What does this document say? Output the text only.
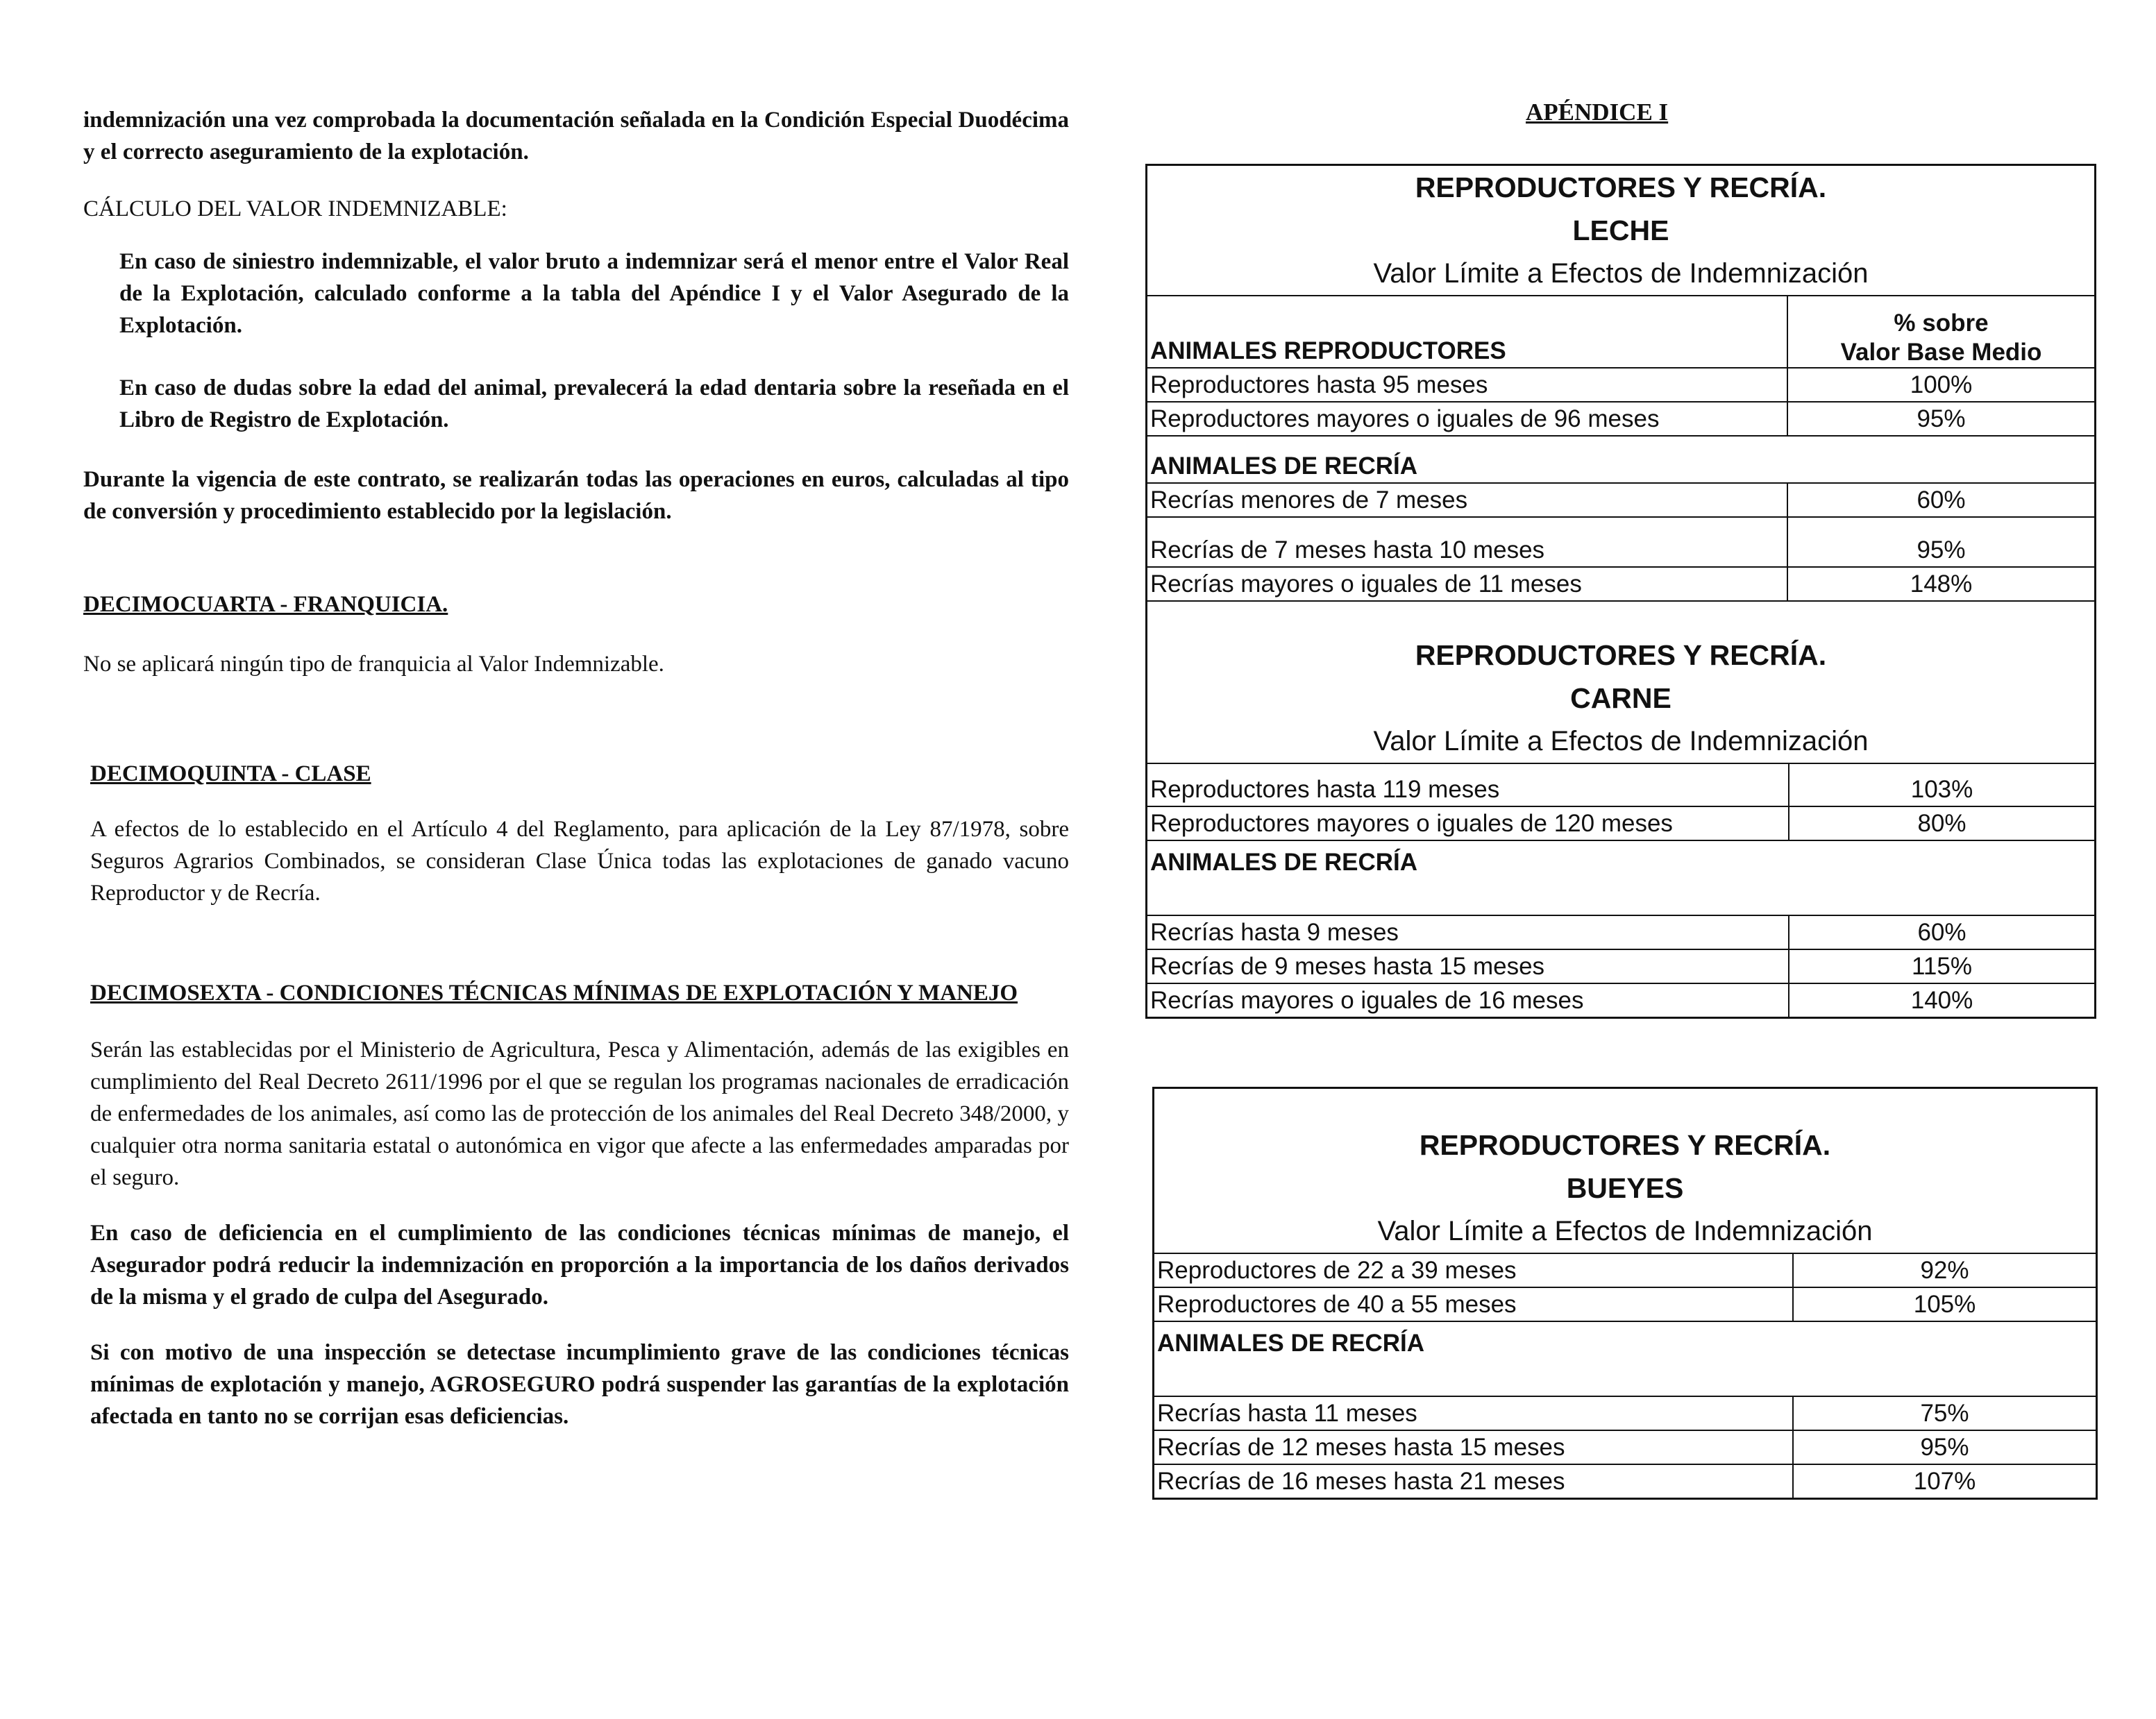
indemnización una vez comprobada la documentación señalada en la Condición Especial Duodécima y el correcto aseguramiento de la explotación.

CÁLCULO DEL VALOR INDEMNIZABLE:

En caso de siniestro indemnizable, el valor bruto a indemnizar será el menor entre el Valor Real de la Explotación, calculado conforme a la tabla del Apéndice I y el Valor Asegurado de la Explotación.

En caso de dudas sobre la edad del animal, prevalecerá la edad dentaria sobre la reseñada en el Libro de Registro de Explotación.

Durante la vigencia de este contrato, se realizarán todas las operaciones en euros, calculadas al tipo de conversión y procedimiento establecido por la legislación.

DECIMOCUARTA - FRANQUICIA.

No se aplicará ningún tipo de franquicia al Valor Indemnizable.

DECIMOQUINTA - CLASE

A efectos de lo establecido en el Artículo 4 del Reglamento, para aplicación de la Ley 87/1978, sobre Seguros Agrarios Combinados, se consideran Clase Única todas las explotaciones de ganado vacuno Reproductor y de Recría.

DECIMOSEXTA - CONDICIONES TÉCNICAS MÍNIMAS DE EXPLOTACIÓN Y MANEJO

Serán las establecidas por el Ministerio de Agricultura, Pesca y Alimentación, además de las exigibles en cumplimiento del Real Decreto 2611/1996 por el que se regulan los programas nacionales de erradicación de enfermedades de los animales, así como las de protección de los animales del Real Decreto 348/2000, y cualquier otra norma sanitaria estatal o autonómica en vigor que afecte a las enfermedades amparadas por el seguro.

En caso de deficiencia en el cumplimiento de las condiciones técnicas mínimas de manejo, el Asegurador podrá reducir la indemnización en proporción a la importancia de los daños derivados de la misma y el grado de culpa del Asegurado.

Si con motivo de una inspección se detectase incumplimiento grave de las condiciones técnicas mínimas de explotación y manejo, AGROSEGURO podrá suspender las garantías de la explotación afectada en tanto no se corrijan esas deficiencias.

APÉNDICE I
REPRODUCTORES Y RECRÍA.
LECHE
Valor Límite a Efectos de Indemnización
ANIMALES REPRODUCTORES	% sobre
Valor Base Medio

Reproductores hasta 95 meses	100%
Reproductores mayores o iguales de 96 meses	95%
ANIMALES DE RECRÍA	
Recrías menores de 7 meses	60%
Recrías de 7 meses hasta 10 meses	95%
Recrías mayores o iguales de 11 meses	148%
REPRODUCTORES Y RECRÍA.
CARNE
Valor Límite a Efectos de Indemnización
Reproductores hasta 119 meses	103%
Reproductores mayores o iguales de 120 meses	80%
ANIMALES DE RECRÍA	
Recrías hasta 9 meses	60%
Recrías de 9 meses hasta 15 meses	115%
Recrías mayores o iguales de 16 meses	140%
REPRODUCTORES Y RECRÍA.
BUEYES
Valor Límite a Efectos de Indemnización
Reproductores de 22 a 39 meses	92%
Reproductores de 40 a 55 meses	105%
ANIMALES DE RECRÍA	
Recrías hasta 11 meses	75%
Recrías de 12 meses hasta 15 meses	95%
Recrías de 16 meses hasta 21 meses	107%
